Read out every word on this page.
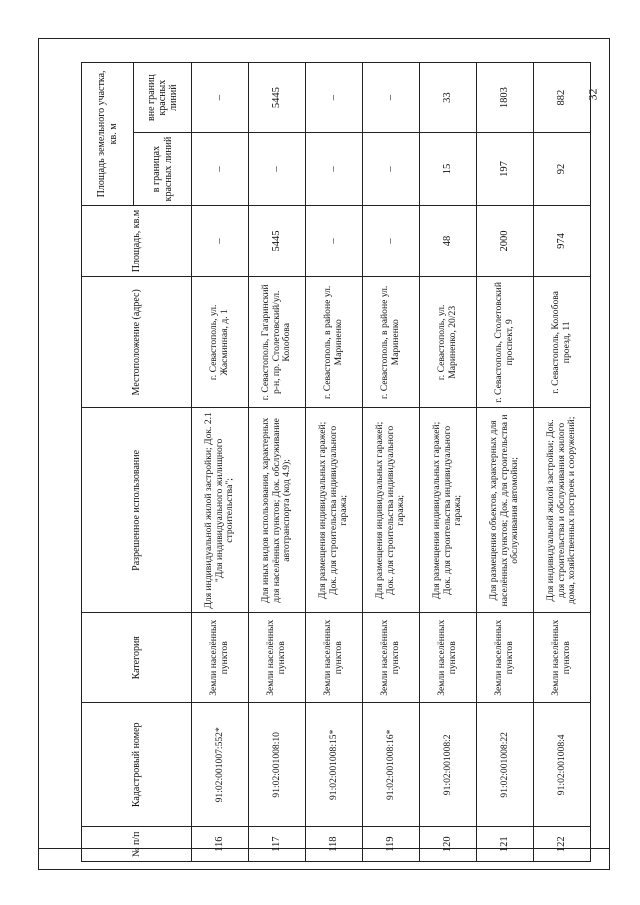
32
№ п/п	Кадастровый номер	Категория	Разрешенное использование	Местоположение (адрес)	Площадь, кв.м	Площадь земельного участка, кв. м	
						в границах красных линий	вне границ красных линий
116	91:02:001007:552*	Земли населённых пунктов	Для индивидуальной жилой застройки; Док. 2.1 "Для индивидуального жилищного строительства";	г. Севастополь, ул. Жасминная, д. 1	–	–	–
117	91:02:001008:10	Земли населённых пунктов	Для иных видов использования, характерных для населённых пунктов; Док. обслуживание автотранспорта (код 4.9);	г. Севастополь, Гагаринский р-н, пр. Столетовский/ул. Колобова	5445	–	5445
118	91:02:001008:15*	Земли населённых пунктов	Для размещения индивидуальных гаражей; Док. для строительства индивидуального гаража;	г. Севастополь, в районе ул. Мариненко	–	–	–
119	91:02:001008:16*	Земли населённых пунктов	Для размещения индивидуальных гаражей; Док. для строительства индивидуального гаража;	г. Севастополь, в районе ул. Мариненко	–	–	–
120	91:02:001008:2	Земли населённых пунктов	Для размещения индивидуальных гаражей; Док. для строительства индивидуального гаража;	г. Севастополь, ул. Мариненко, 20/23	48	15	33
121	91:02:001008:22	Земли населённых пунктов	Для размещения объектов, характерных для населённых пунктов; Док. для строительства и обслуживания автомойки;	г. Севастополь, Столетовский проспект, 9	2000	197	1803
122	91:02:001008:4	Земли населённых пунктов	Для индивидуальной жилой застройки; Док. для строительства и обслуживания жилого дома, хозяйственных построек и сооружений;	г. Севастополь, Колобова проезд, 11	974	92	882
